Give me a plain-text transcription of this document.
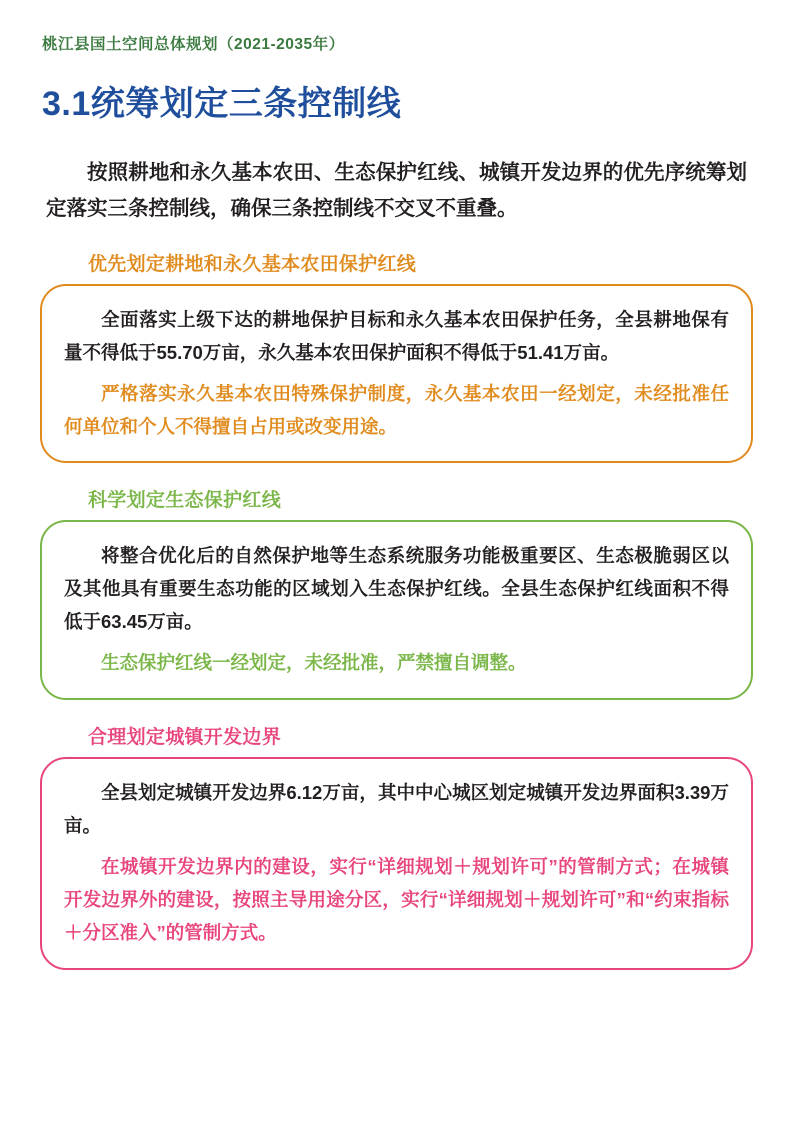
桃江县国土空间总体规划（2021-2035年）
3.1统筹划定三条控制线

按照耕地和永久基本农田、生态保护红线、城镇开发边界的优先序统筹划定落实三条控制线，确保三条控制线不交叉不重叠。

优先划定耕地和永久基本农田保护红线

全面落实上级下达的耕地保护目标和永久基本农田保护任务，全县耕地保有量不得低于55.70万亩，永久基本农田保护面积不得低于51.41万亩。

严格落实永久基本农田特殊保护制度，永久基本农田一经划定，未经批准任何单位和个人不得擅自占用或改变用途。

科学划定生态保护红线

将整合优化后的自然保护地等生态系统服务功能极重要区、生态极脆弱区以及其他具有重要生态功能的区域划入生态保护红线。全县生态保护红线面积不得低于63.45万亩。

生态保护红线一经划定，未经批准，严禁擅自调整。

合理划定城镇开发边界

全县划定城镇开发边界6.12万亩，其中中心城区划定城镇开发边界面积3.39万亩。

在城镇开发边界内的建设，实行“详细规划＋规划许可”的管制方式；在城镇开发边界外的建设，按照主导用途分区，实行“详细规划＋规划许可”和“约束指标＋分区准入”的管制方式。
